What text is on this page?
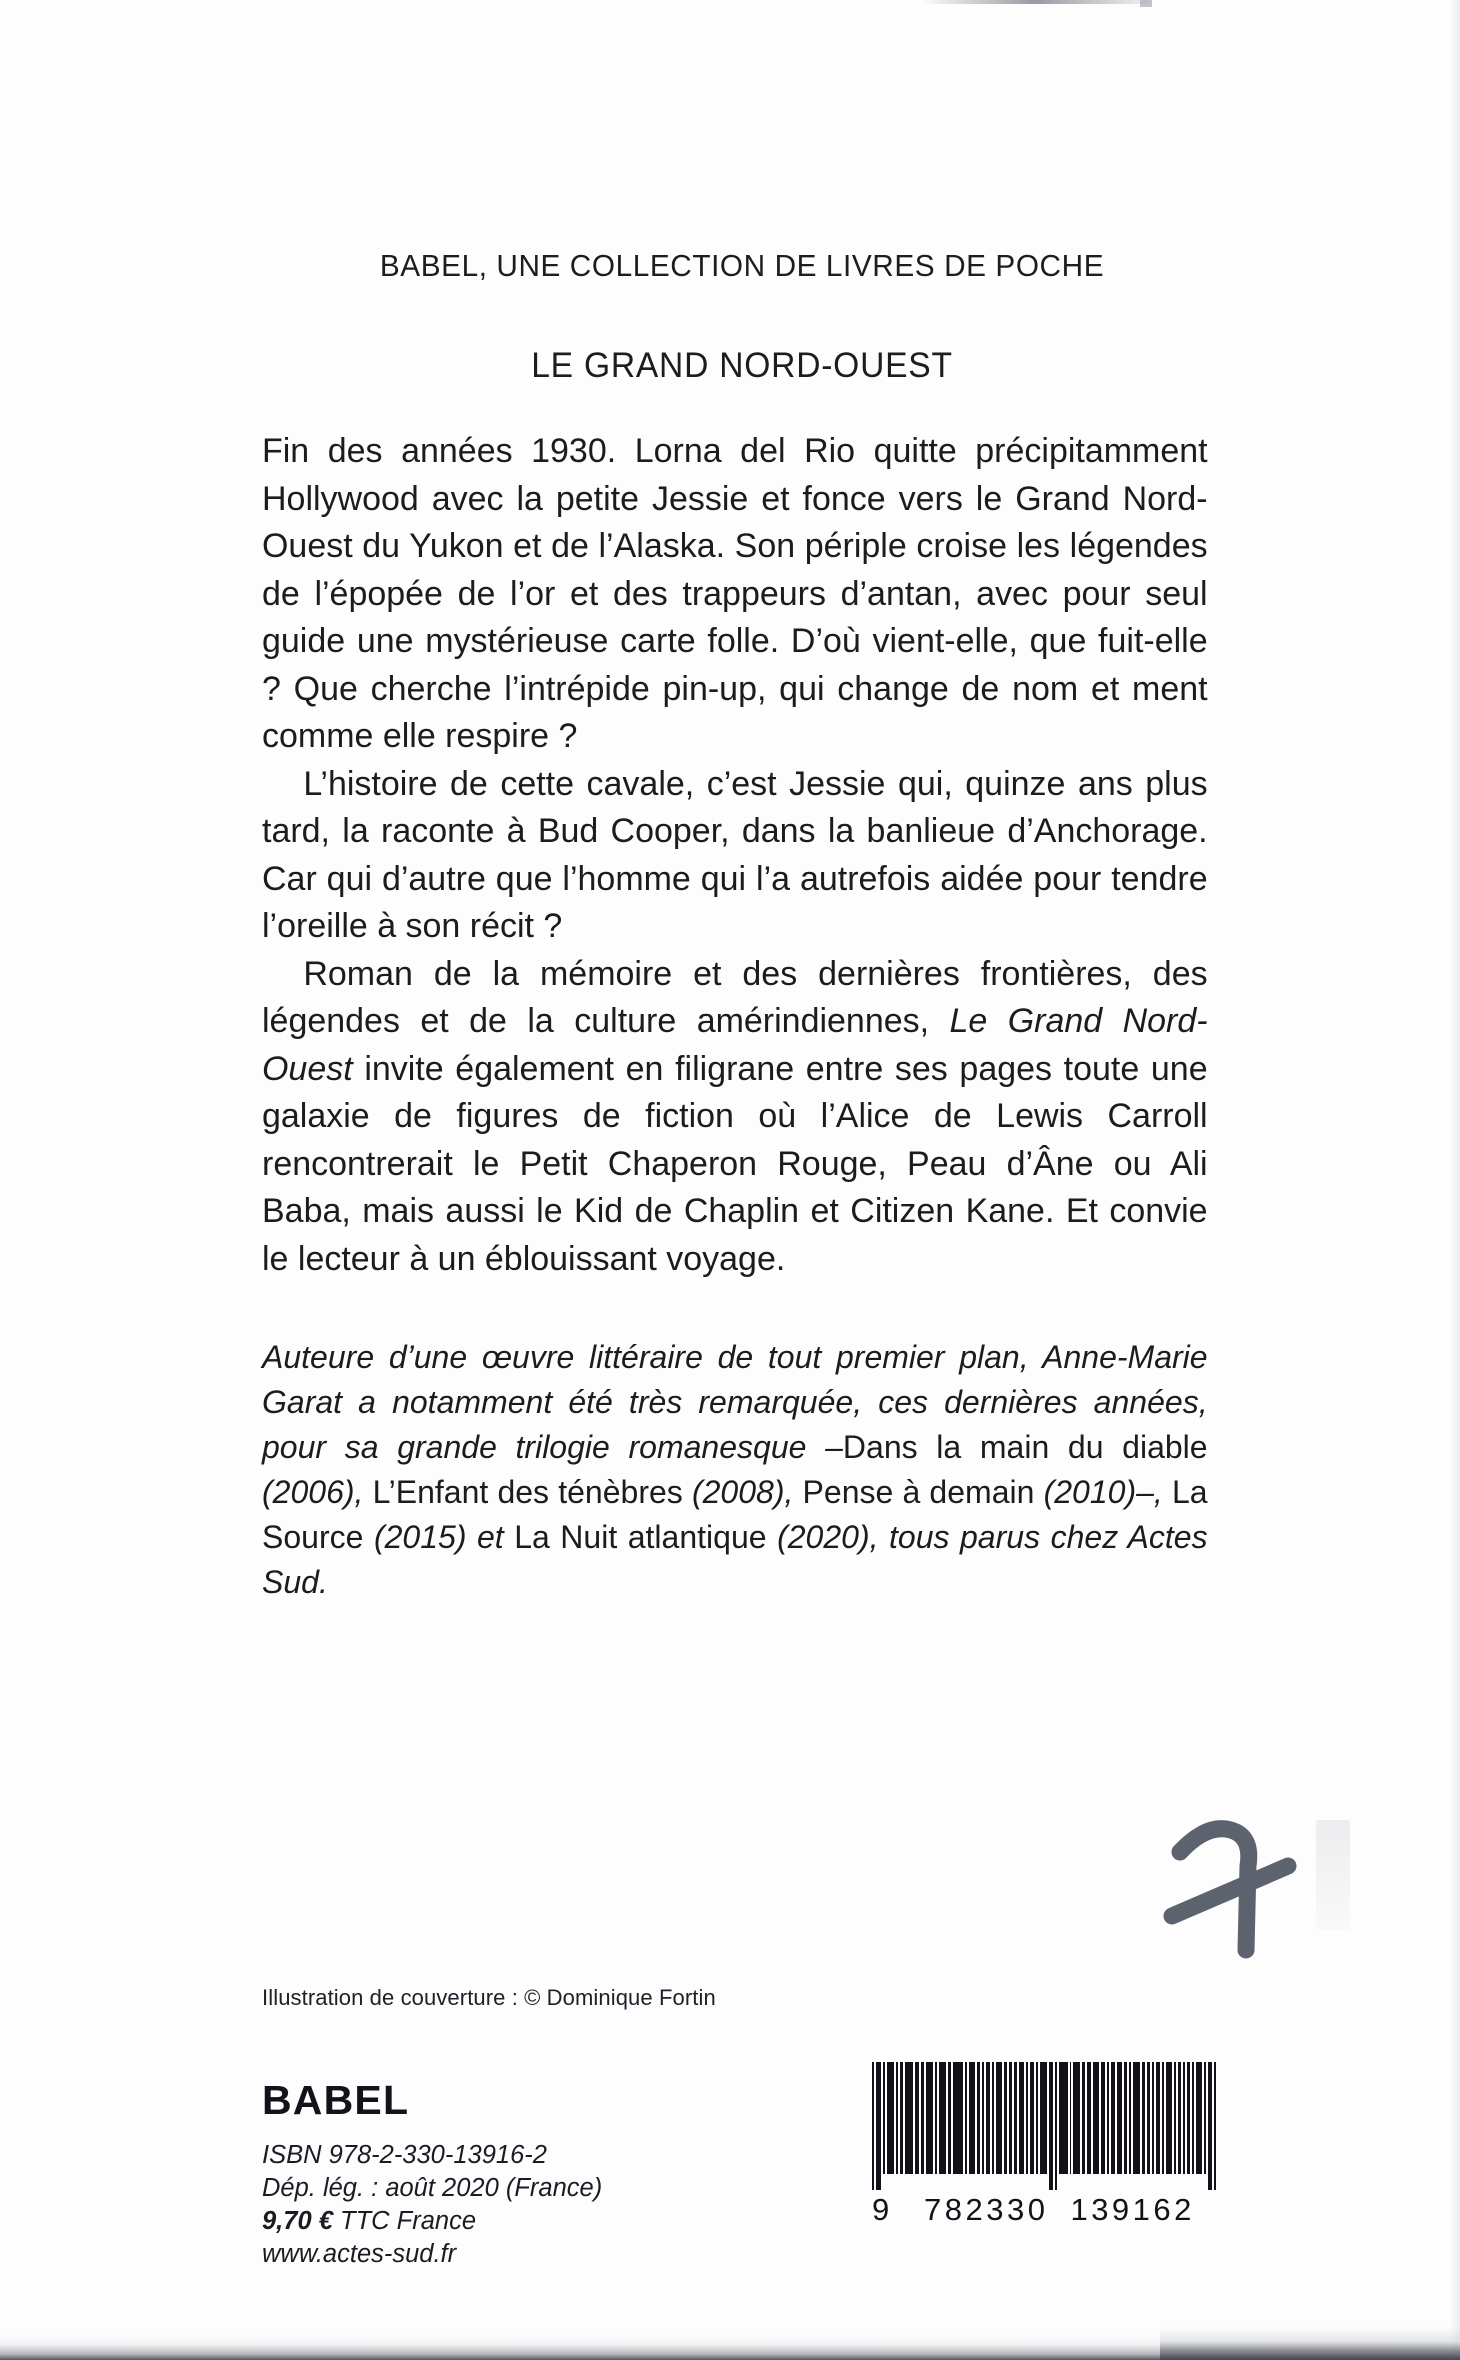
BABEL, UNE COLLECTION DE LIVRES DE POCHE
LE GRAND NORD-OUEST

Fin des années 1930. Lorna del Rio quitte précipitamment Hollywood avec la petite Jessie et fonce vers le Grand Nord-Ouest du Yukon et de l’Alaska. Son périple croise les légendes de l’épopée de l’or et des trappeurs d’antan, avec pour seul guide une mystérieuse carte folle. D’où vient-elle, que fuit-elle ? Que cherche l’intrépide pin-up, qui change de nom et ment comme elle respire ?

L’histoire de cette cavale, c’est Jessie qui, quinze ans plus tard, la raconte à Bud Cooper, dans la banlieue d’Anchorage. Car qui d’autre que l’homme qui l’a autrefois aidée pour tendre l’oreille à son récit ?

Roman de la mémoire et des dernières frontières, des légendes et de la culture amérindiennes, Le Grand Nord-Ouest invite également en filigrane entre ses pages toute une galaxie de figures de fiction où l’Alice de Lewis Carroll rencontrerait le Petit Chaperon Rouge, Peau d’Âne ou Ali Baba, mais aussi le Kid de Chaplin et Citizen Kane. Et convie le lecteur à un éblouissant voyage.

Auteure d’une œuvre littéraire de tout premier plan, Anne-Marie Garat a notamment été très remarquée, ces dernières années, pour sa grande trilogie romanesque –Dans la main du diable (2006), L’Enfant des ténèbres (2008), Pense à demain (2010)–, La Source (2015) et La Nuit atlantique (2020), tous parus chez Actes Sud.

Illustration de couverture : © Dominique Fortin
BABEL
ISBN 978-2-330-13916-2
Dép. lég. : août 2020 (France)
9,70 € TTC France
www.actes-sud.fr
9	782330 139162
